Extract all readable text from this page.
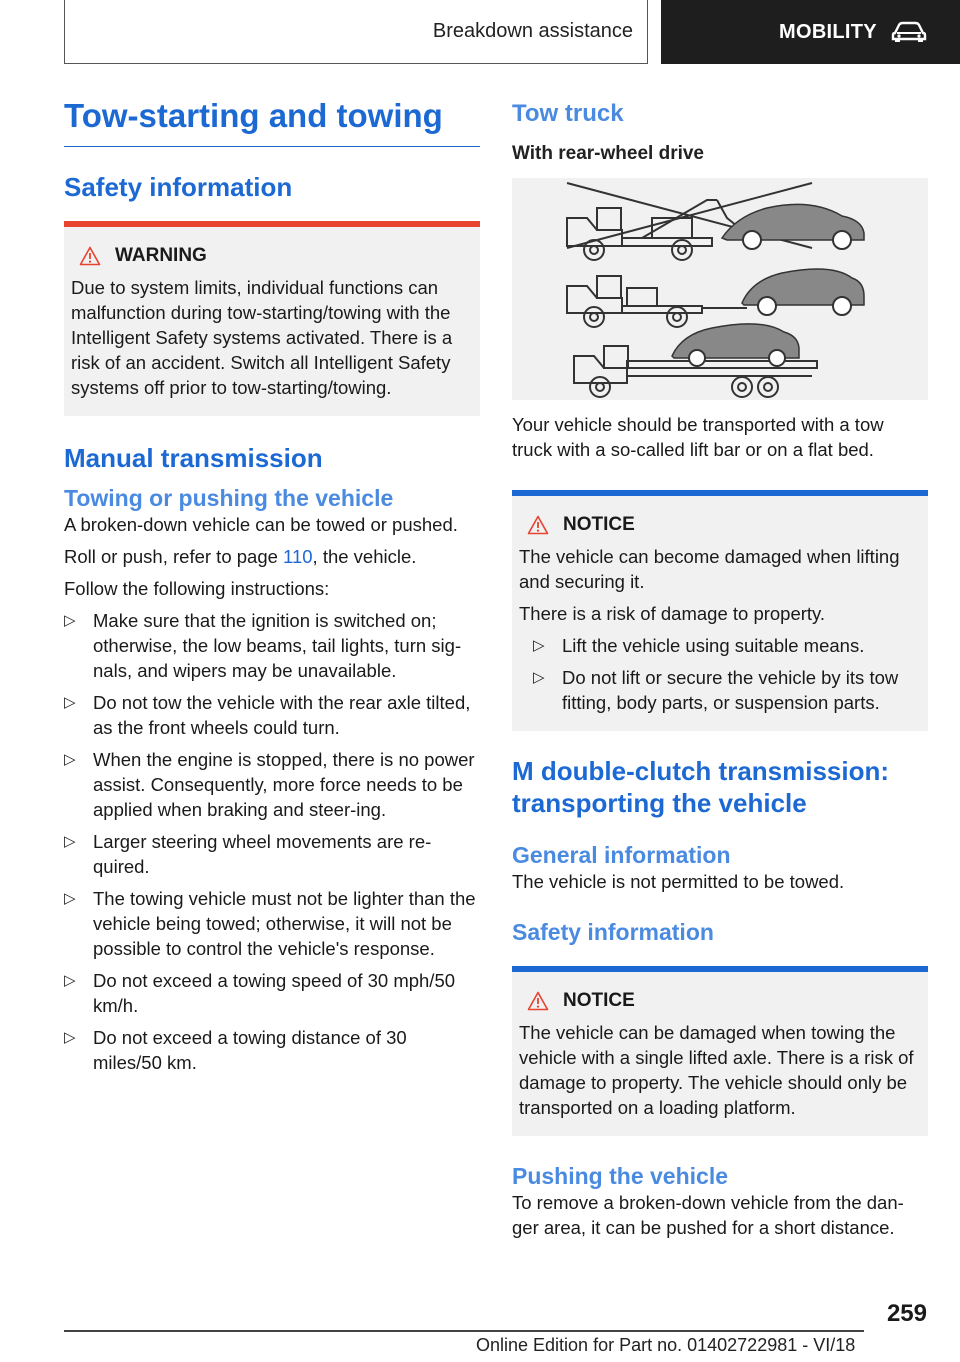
Breakdown assistance	MOBILITY
Tow-starting and towing
Safety information
WARNING

Due to system limits, individual functions can malfunction during tow-starting/towing with the Intelligent Safety systems activated. There is a risk of an accident. Switch all Intelligent Safety systems off prior to tow-starting/towing.

Manual transmission
Towing or pushing the vehicle

A broken-down vehicle can be towed or pushed.

Roll or push, refer to page 110, the vehicle.

Follow the following instructions:

▷ Make sure that the ignition is switched on; otherwise, the low beams, tail lights, turn sig-nals, and wipers may be unavailable.
▷ Do not tow the vehicle with the rear axle tilted, as the front wheels could turn.
▷ When the engine is stopped, there is no power assist. Consequently, more force needs to be applied when braking and steer-ing.
▷ Larger steering wheel movements are re-quired.
▷ The towing vehicle must not be lighter than the vehicle being towed; otherwise, it will not be possible to control the vehicle's response.
▷ Do not exceed a towing speed of 30 mph/50 km/h.
▷ Do not exceed a towing distance of 30 miles/50 km.
Tow truck
With rear-wheel drive

Your vehicle should be transported with a tow truck with a so-called lift bar or on a flat bed.

NOTICE

The vehicle can become damaged when lifting and securing it.

There is a risk of damage to property.

▷ Lift the vehicle using suitable means.
▷ Do not lift or secure the vehicle by its tow fitting, body parts, or suspension parts.
M double-clutch transmission: transporting the vehicle
General information

The vehicle is not permitted to be towed.

Safety information
NOTICE

The vehicle can be damaged when towing the vehicle with a single lifted axle. There is a risk of damage to property. The vehicle should only be transported on a loading platform.

Pushing the vehicle

To remove a broken-down vehicle from the dan-ger area, it can be pushed for a short distance.

259
Online Edition for Part no. 01402722981 - VI/18
